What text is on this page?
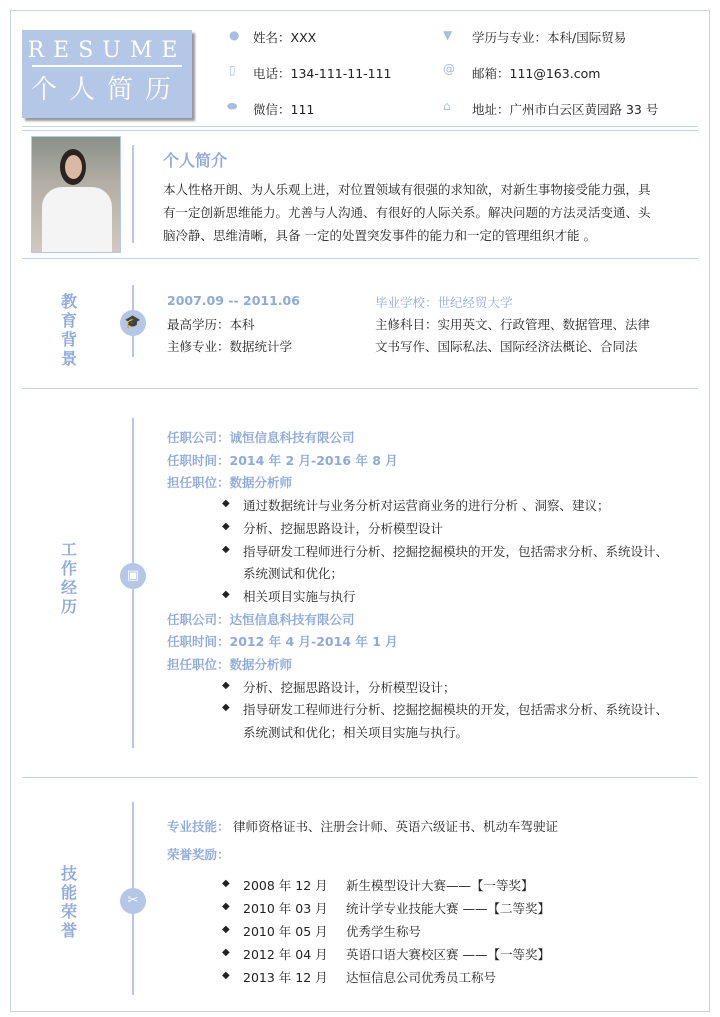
RESUME
个人简历
● 姓名：XXX	▼ 学历与专业：本科/国际贸易
▯ 电话：134-111-11-111	@ 邮箱：111@163.com
⬬ 微信：111	⌂ 地址：广州市白云区黄园路 33 号
个人简介
本人性格开朗、为人乐观上进，对位置领域有很强的求知欲，对新生事物接受能力强，具
有一定创新思维能力。尤善与人沟通、有很好的人际关系。解决问题的方法灵活变通、头
脑冷静、思维清晰，具备 一定的处置突发事件的能力和一定的管理组织才能 。
教育背景
🎓
2007.09 -- 2011.06
最高学历：本科
主修专业：数据统计学
毕业学校：世纪经贸大学
主修科目：实用英文、行政管理、数据管理、法律
文书写作、国际私法、国际经济法概论、合同法
工作经历
▣
任职公司：诚恒信息科技有限公司
任职时间：2014 年 2 月-2016 年 8 月
担任职位：数据分析师
◆ 通过数据统计与业务分析对运营商业务的进行分析 、洞察、建议；
◆ 分析、挖掘思路设计，分析模型设计
◆ 指导研发工程师进行分析、挖掘挖掘模块的开发，包括需求分析、系统设计、
系统测试和优化；
◆ 相关项目实施与执行
任职公司：达恒信息科技有限公司
任职时间：2012 年 4 月-2014 年 1 月
担任职位：数据分析师
◆ 分析、挖掘思路设计，分析模型设计；
◆ 指导研发工程师进行分析、挖掘挖掘模块的开发，包括需求分析、系统设计、
系统测试和优化；相关项目实施与执行。
技能荣誉
✂
专业技能： 律师资格证书、注册会计师、英语六级证书、机动车驾驶证
荣誉奖励：
◆ 2008 年 12 月 新生模型设计大赛——【一等奖】
◆ 2010 年 03 月 统计学专业技能大赛 ——【二等奖】
◆ 2010 年 05 月 优秀学生称号
◆ 2012 年 04 月 英语口语大赛校区赛 ——【一等奖】
◆ 2013 年 12 月 达恒信息公司优秀员工称号
